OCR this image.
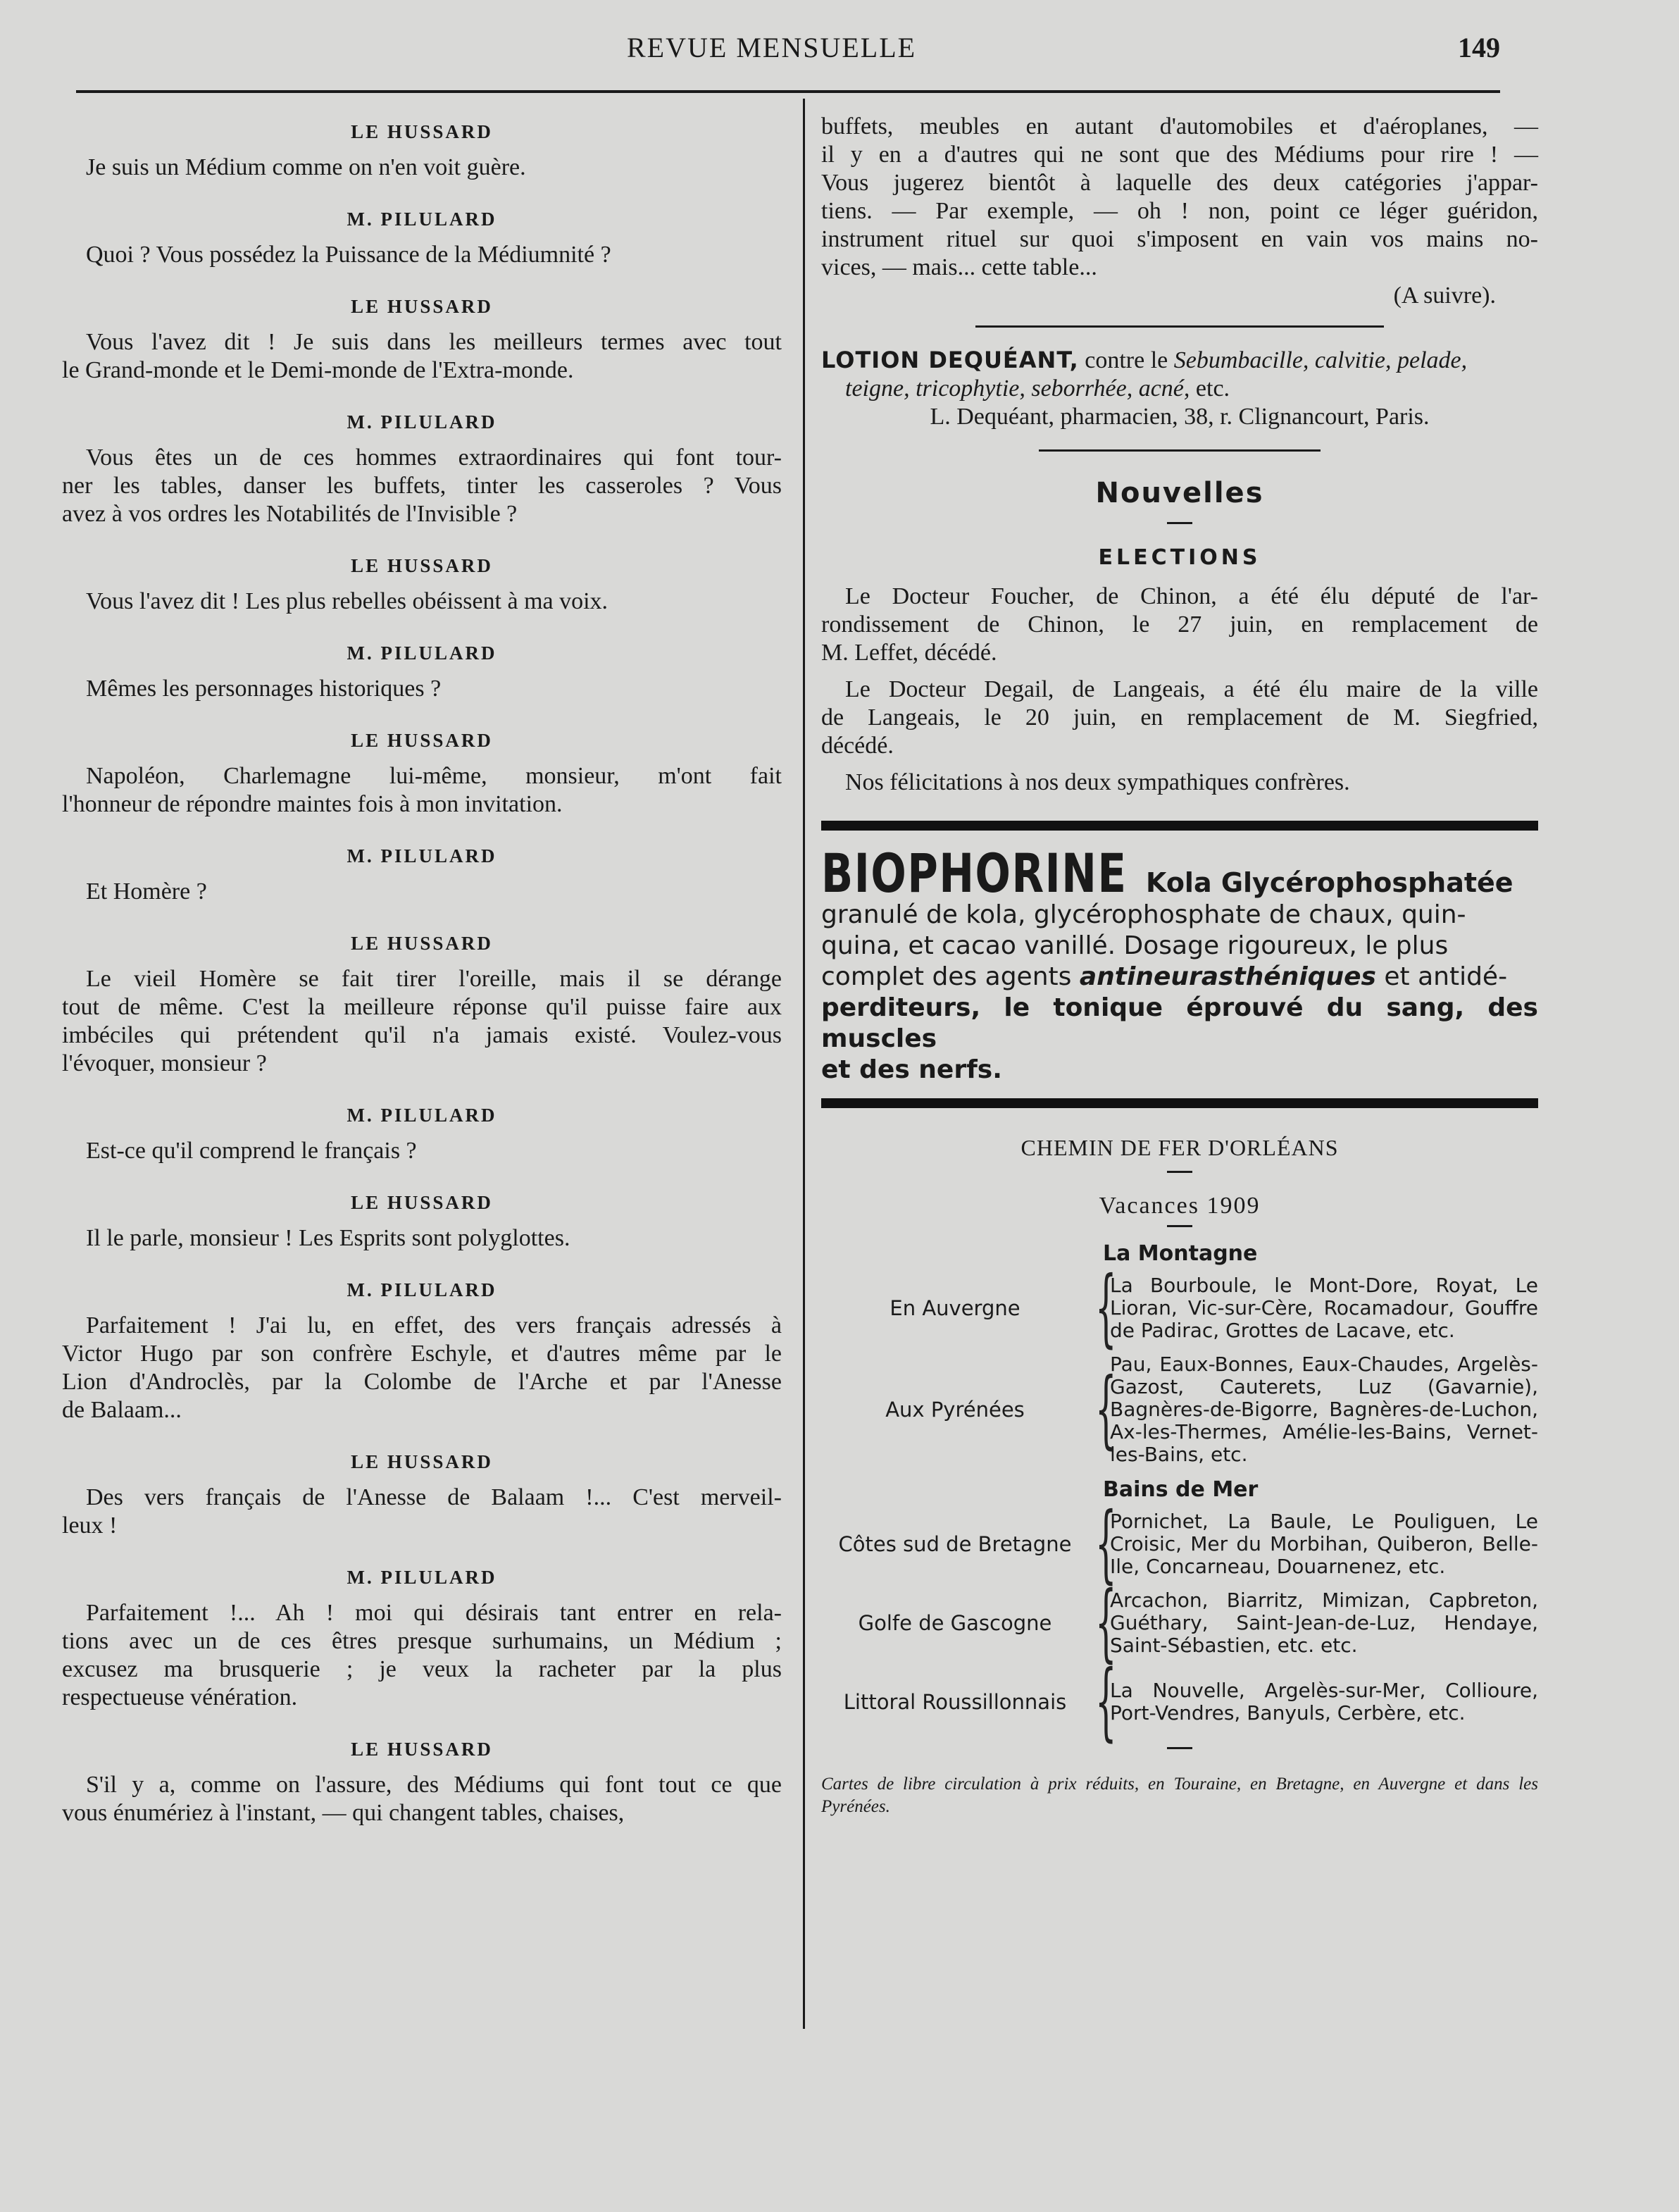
REVUE MENSUELLE	149

LE HUSSARD

Je suis un Médium comme on n'en voit guère.

M. PILULARD

Quoi ? Vous possédez la Puissance de la Médiumnité ?

LE HUSSARD

Vous l'avez dit ! Je suis dans les meilleurs termes avec tout

le Grand-monde et le Demi-monde de l'Extra-monde.

M. PILULARD

Vous êtes un de ces hommes extraordinaires qui font tour-

ner les tables, danser les buffets, tinter les casseroles ? Vous

avez à vos ordres les Notabilités de l'Invisible ?

LE HUSSARD

Vous l'avez dit ! Les plus rebelles obéissent à ma voix.

M. PILULARD

Mêmes les personnages historiques ?

LE HUSSARD

Napoléon, Charlemagne lui-même, monsieur, m'ont fait

l'honneur de répondre maintes fois à mon invitation.

M. PILULARD

Et Homère ?

LE HUSSARD

Le vieil Homère se fait tirer l'oreille, mais il se dérange

tout de même. C'est la meilleure réponse qu'il puisse faire aux

imbéciles qui prétendent qu'il n'a jamais existé. Voulez-vous

l'évoquer, monsieur ?

M. PILULARD

Est-ce qu'il comprend le français ?

LE HUSSARD

Il le parle, monsieur ! Les Esprits sont polyglottes.

M. PILULARD

Parfaitement ! J'ai lu, en effet, des vers français adressés à

Victor Hugo par son confrère Eschyle, et d'autres même par le

Lion d'Androclès, par la Colombe de l'Arche et par l'Anesse

de Balaam...

LE HUSSARD

Des vers français de l'Anesse de Balaam !... C'est merveil-

leux !

M. PILULARD

Parfaitement !... Ah ! moi qui désirais tant entrer en rela-

tions avec un de ces êtres presque surhumains, un Médium ;

excusez ma brusquerie ; je veux la racheter par la plus

respectueuse vénération.

LE HUSSARD

S'il y a, comme on l'assure, des Médiums qui font tout ce que

vous énumériez à l'instant, — qui changent tables, chaises,

buffets, meubles en autant d'automobiles et d'aéroplanes, —

il y en a d'autres qui ne sont que des Médiums pour rire ! —

Vous jugerez bientôt à laquelle des deux catégories j'appar-

tiens. — Par exemple, — oh ! non, point ce léger guéridon,

instrument rituel sur quoi s'imposent en vain vos mains no-

vices, — mais... cette table...

(A suivre).

LOTION DEQUÉANT, contre le Sebumbacille, calvitie, pelade,

teigne, tricophytie, seborrhée, acné, etc.

L. Dequéant, pharmacien, 38, r. Clignancourt, Paris.

Nouvelles

ELECTIONS

Le Docteur Foucher, de Chinon, a été élu député de l'ar-

rondissement de Chinon, le 27 juin, en remplacement de

M. Leffet, décédé.

Le Docteur Degail, de Langeais, a été élu maire de la ville

de Langeais, le 20 juin, en remplacement de M. Siegfried,

décédé.

Nos félicitations à nos deux sympathiques confrères.

BIOPHORINE Kola Glycérophosphatée

granulé de kola, glycérophosphate de chaux, quin-

quina, et cacao vanillé. Dosage rigoureux, le plus

complet des agents antineurasthéniques et antidé-

perditeurs, le tonique éprouvé du sang, des muscles

et des nerfs.

CHEMIN DE FER D'ORLÉANS

Vacances 1909

La Montagne

En Auvergne {
La Bourboule, le Mont-Dore, Royat, Le Lioran, Vic-sur-Cère, Rocamadour, Gouffre de Padirac, Grottes de Lacave, etc.
Aux Pyrénées {
Pau, Eaux-Bonnes, Eaux-Chaudes, Argelès-Gazost, Cauterets, Luz (Gavarnie), Bagnères-de-Bigorre, Bagnères-de-Luchon, Ax-les-Thermes, Amélie-les-Bains, Vernet-les-Bains, etc.

Bains de Mer

Côtes sud de Bretagne {
Pornichet, La Baule, Le Pouliguen, Le Croisic, Mer du Morbihan, Quiberon, Belle-Ile, Concarneau, Douarnenez, etc.
Golfe de Gascogne {
Arcachon, Biarritz, Mimizan, Capbreton, Guéthary, Saint-Jean-de-Luz, Hendaye, Saint-Sébastien, etc. etc.
Littoral Roussillonnais {
La Nouvelle, Argelès-sur-Mer, Collioure, Port-Vendres, Banyuls, Cerbère, etc.

Cartes de libre circulation à prix réduits, en Touraine, en Bretagne, en Auvergne et dans les Pyrénées.
